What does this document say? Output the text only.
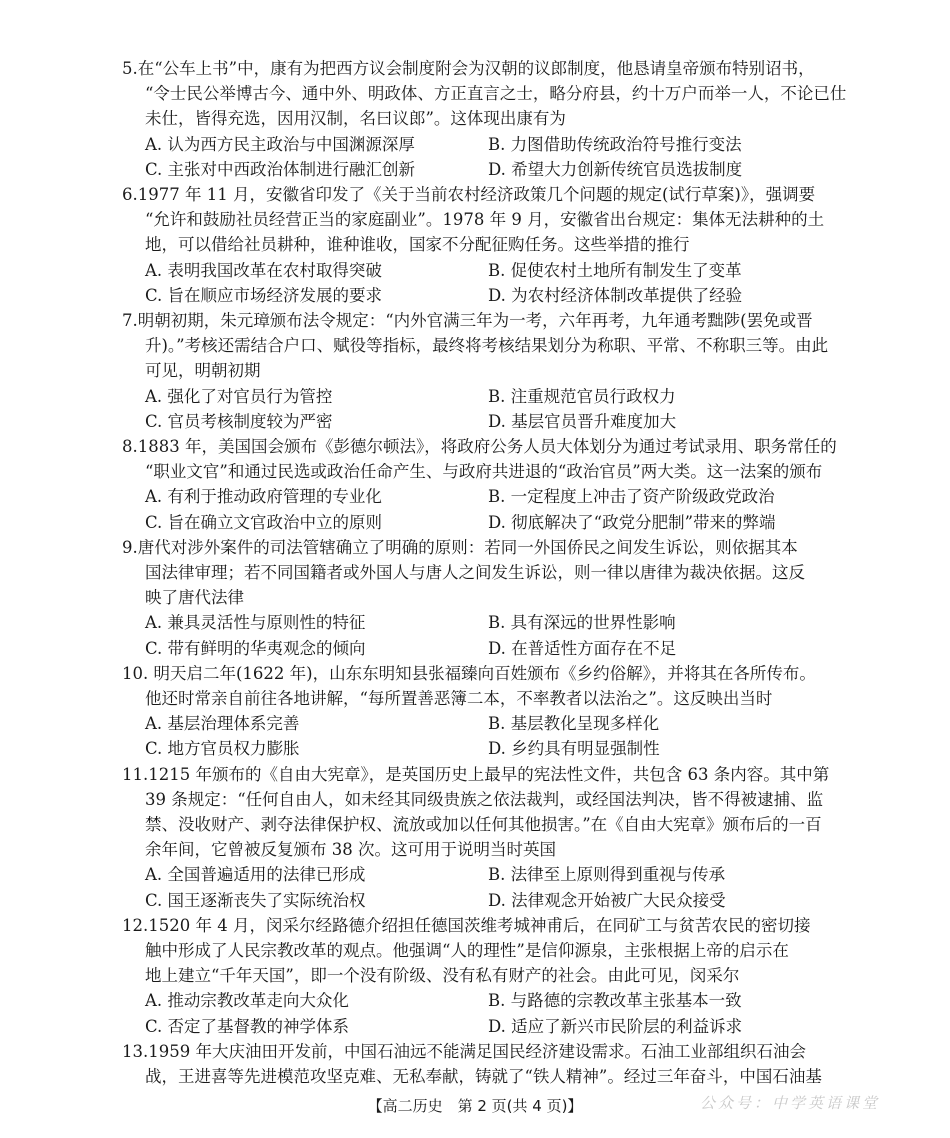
5.在“公车上书”中，康有为把西方议会制度附会为汉朝的议郎制度，他恳请皇帝颁布特别诏书，
“令士民公举博古今、通中外、明政体、方正直言之士，略分府县，约十万户而举一人，不论已仕
未仕，皆得充选，因用汉制，名曰议郎”。这体现出康有为
A. 认为西方民主政治与中国渊源深厚	B. 力图借助传统政治符号推行变法
C. 主张对中西政治体制进行融汇创新	D. 希望大力创新传统官员选拔制度
6.1977 年 11 月，安徽省印发了《关于当前农村经济政策几个问题的规定(试行草案)》，强调要
“允许和鼓励社员经营正当的家庭副业”。1978 年 9 月，安徽省出台规定：集体无法耕种的土
地，可以借给社员耕种，谁种谁收，国家不分配征购任务。这些举措的推行
A. 表明我国改革在农村取得突破	B. 促使农村土地所有制发生了变革
C. 旨在顺应市场经济发展的要求	D. 为农村经济体制改革提供了经验
7.明朝初期，朱元璋颁布法令规定：“内外官满三年为一考，六年再考，九年通考黜陟(罢免或晋
升)。”考核还需结合户口、赋役等指标，最终将考核结果划分为称职、平常、不称职三等。由此
可见，明朝初期
A. 强化了对官员行为管控	B. 注重规范官员行政权力
C. 官员考核制度较为严密	D. 基层官员晋升难度加大
8.1883 年，美国国会颁布《彭德尔顿法》，将政府公务人员大体划分为通过考试录用、职务常任的
“职业文官”和通过民选或政治任命产生、与政府共进退的“政治官员”两大类。这一法案的颁布
A. 有利于推动政府管理的专业化	B. 一定程度上冲击了资产阶级政党政治
C. 旨在确立文官政治中立的原则	D. 彻底解决了“政党分肥制”带来的弊端
9.唐代对涉外案件的司法管辖确立了明确的原则：若同一外国侨民之间发生诉讼，则依据其本
国法律审理；若不同国籍者或外国人与唐人之间发生诉讼，则一律以唐律为裁决依据。这反
映了唐代法律
A. 兼具灵活性与原则性的特征	B. 具有深远的世界性影响
C. 带有鲜明的华夷观念的倾向	D. 在普适性方面存在不足
10. 明天启二年(1622 年)，山东东明知县张福臻向百姓颁布《乡约俗解》，并将其在各所传布。
他还时常亲自前往各地讲解，“每所置善恶簿二本，不率教者以法治之”。这反映出当时
A. 基层治理体系完善	B. 基层教化呈现多样化
C. 地方官员权力膨胀	D. 乡约具有明显强制性
11.1215 年颁布的《自由大宪章》，是英国历史上最早的宪法性文件，共包含 63 条内容。其中第
39 条规定：“任何自由人，如未经其同级贵族之依法裁判，或经国法判决，皆不得被逮捕、监
禁、没收财产、剥夺法律保护权、流放或加以任何其他损害。”在《自由大宪章》颁布后的一百
余年间，它曾被反复颁布 38 次。这可用于说明当时英国
A. 全国普遍适用的法律已形成	B. 法律至上原则得到重视与传承
C. 国王逐渐丧失了实际统治权	D. 法律观念开始被广大民众接受
12.1520 年 4 月，闵采尔经路德介绍担任德国茨维考城神甫后，在同矿工与贫苦农民的密切接
触中形成了人民宗教改革的观点。他强调“人的理性”是信仰源泉，主张根据上帝的启示在
地上建立“千年天国”，即一个没有阶级、没有私有财产的社会。由此可见，闵采尔
A. 推动宗教改革走向大众化	B. 与路德的宗教改革主张基本一致
C. 否定了基督教的神学体系	D. 适应了新兴市民阶层的利益诉求
13.1959 年大庆油田开发前，中国石油远不能满足国民经济建设需求。石油工业部组织石油会
战，王进喜等先进模范攻坚克难、无私奉献，铸就了“铁人精神”。经过三年奋斗，中国石油基
【高二历史　第 2 页(共 4 页)】	公众号：中学英语课堂
